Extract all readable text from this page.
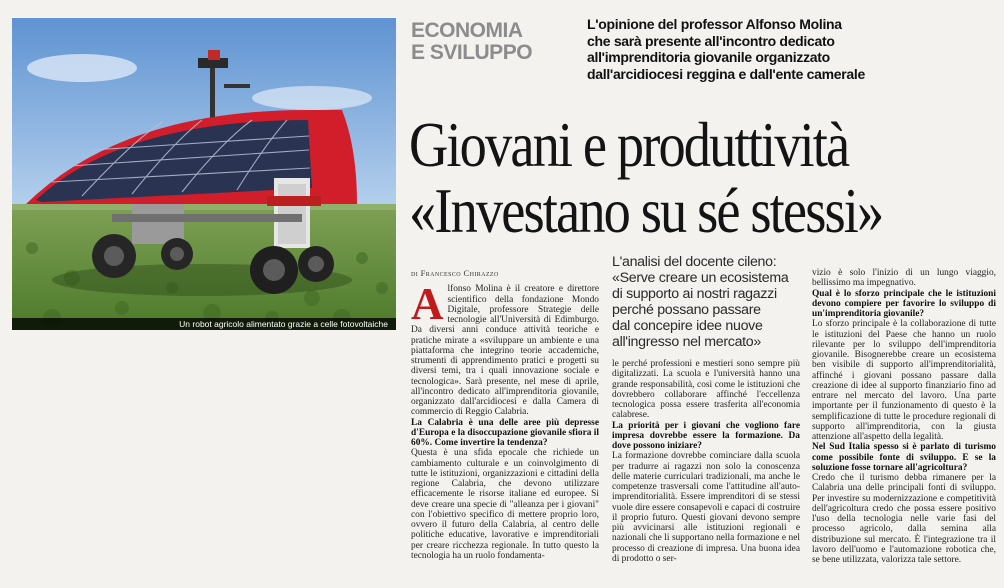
Un robot agricolo alimentato grazie a celle fotovoltaiche
ECONOMIA
E SVILUPPO
L'opinione del professor Alfonso Molina
che sarà presente all'incontro dedicato
all'imprenditoria giovanile organizzato
dall'arcidiocesi reggina e dall'ente camerale
Giovani e produttività
«Investano su sé stessi»
di Francesco Chirazzo

Alfonso Molina è il creatore e direttore scientifico della fondazione Mondo Digitale, professore Strategie delle tecnologie all'Università di Edimburgo. Da diversi anni conduce attività teoriche e pratiche mirate a «sviluppare un ambiente e una piattaforma che integrino teorie accademiche, strumenti di apprendimento pratici e progetti su diversi temi, tra i quali innovazione sociale e tecnologica». Sarà presente, nel mese di aprile, all'incontro dedicato all'imprenditoria giovanile, organizzato dall'arcidiocesi e dalla Camera di commercio di Reggio Calabria.

La Calabria è una delle aree più depresse d'Europa e la disoccupazione giovanile sfiora il 60%. Come invertire la tendenza?

Questa è una sfida epocale che richiede un cambiamento culturale e un coinvolgimento di tutte le istituzioni, organizzazioni e cittadini della regione Calabria, che devono utilizzare efficacemente le risorse italiane ed europee. Si deve creare una specie di "alleanza per i giovani" con l'obiettivo specifico di mettere proprio loro, ovvero il futuro della Calabria, al centro delle politiche educative, lavorative e imprenditoriali per creare ricchezza regionale. In tutto questo la tecnologia ha un ruolo fondamenta-

L'analisi del docente cileno:
«Serve creare un ecosistema
di supporto ai nostri ragazzi
perché possano passare
dal concepire idee nuove
all'ingresso nel mercato»

le perché professioni e mestieri sono sempre più digitalizzati. La scuola e l'università hanno una grande responsabilità, così come le istituzioni che dovrebbero collaborare affinché l'eccellenza tecnologica possa essere trasferita all'economia calabrese.

La priorità per i giovani che vogliono fare impresa dovrebbe essere la formazione. Da dove possono iniziare?

La formazione dovrebbe cominciare dalla scuola per tradurre ai ragazzi non solo la conoscenza delle materie curriculari tradizionali, ma anche le competenze trasversali come l'attitudine all'auto-imprenditorialità. Essere imprenditori di se stessi vuole dire essere consapevoli e capaci di costruire il proprio futuro. Questi giovani devono sempre più avvicinarsi alle istituzioni regionali e nazionali che li supportano nella formazione e nel processo di creazione di impresa. Una buona idea di prodotto o ser-

vizio è solo l'inizio di un lungo viaggio, bellissimo ma impegnativo.

Qual è lo sforzo principale che le istituzioni devono compiere per favorire lo sviluppo di un'imprenditoria giovanile?

Lo sforzo principale è la collaborazione di tutte le istituzioni del Paese che hanno un ruolo rilevante per lo sviluppo dell'imprenditoria giovanile. Bisognerebbe creare un ecosistema ben visibile di supporto all'imprenditorialità, affinché i giovani possano passare dalla creazione di idee al supporto finanziario fino ad entrare nel mercato del lavoro. Una parte importante per il funzionamento di questo è la semplificazione di tutte le procedure regionali di supporto all'imprenditoria, con la giusta attenzione all'aspetto della legalità.

Nel Sud Italia spesso si è parlato di turismo come possibile fonte di sviluppo. E se la soluzione fosse tornare all'agricoltura?

Credo che il turismo debba rimanere per la Calabria una delle principali fonti di sviluppo. Per investire su modernizzazione e competitività dell'agricoltura credo che possa essere positivo l'uso della tecnologia nelle varie fasi del processo agricolo, dalla semina alla distribuzione sul mercato. È l'integrazione tra il lavoro dell'uomo e l'automazione robotica che, se bene utilizzata, valorizza tale settore.
